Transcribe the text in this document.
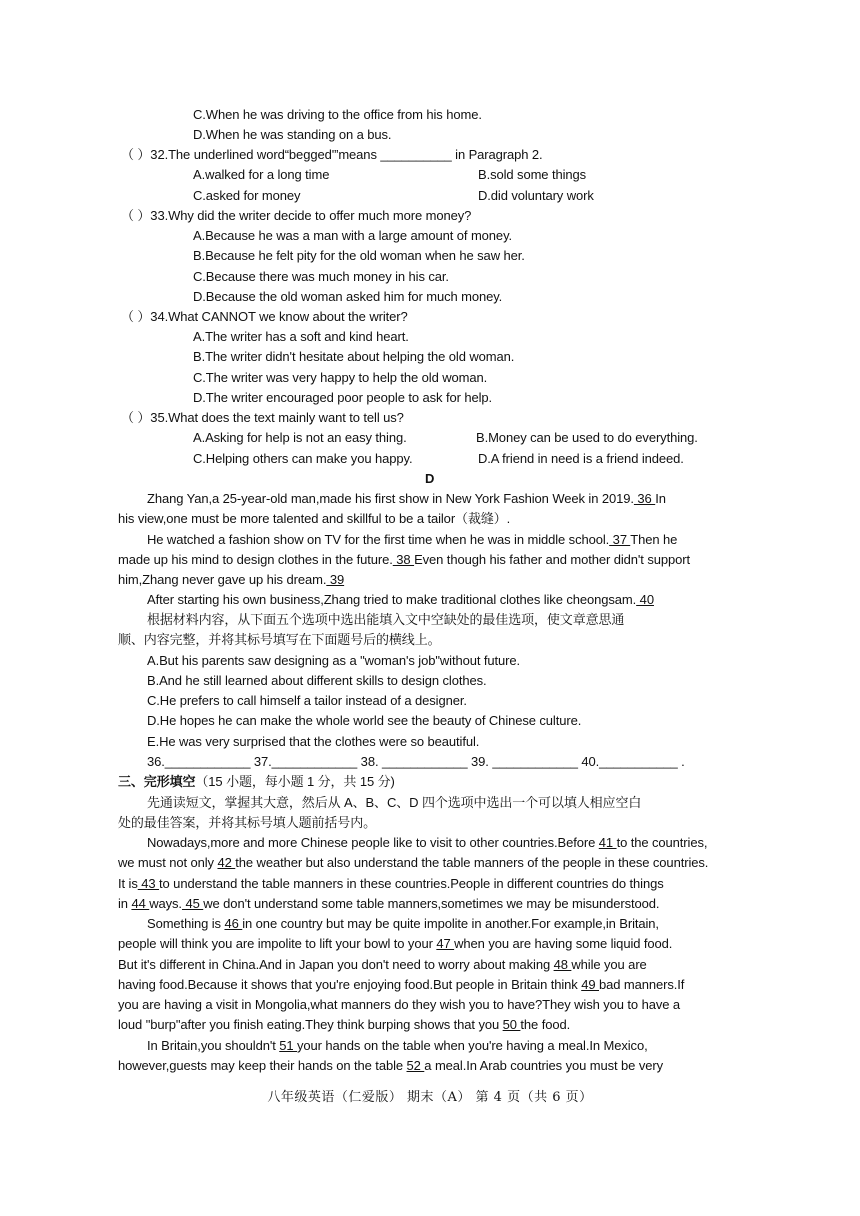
C.When he was driving to the office from his home.
D.When he was standing on a bus.
（ ）32.The underlined word“begged'”means __________ in Paragraph 2.
A.walked for a long time	B.sold some things
C.asked for money	D.did voluntary work
（ ）33.Why did the writer decide to offer much more money?
A.Because he was a man with a large amount of money.
B.Because he felt pity for the old woman when he saw her.
C.Because there was much money in his car.
D.Because the old woman asked him for much money.
（ ）34.What CANNOT we know about the writer?
A.The writer has a soft and kind heart.
B.The writer didn't hesitate about helping the old woman.
C.The writer was very happy to help the old woman.
D.The writer encouraged poor people to ask for help.
（ ）35.What does the text mainly want to tell us?
A.Asking for help is not an easy thing.	B.Money can be used to do everything.
C.Helping others can make you happy.	D.A friend in need is a friend indeed.
D
Zhang Yan,a 25-year-old man,made his first show in New York Fashion Week in 2019. 36 In
his view,one must be more talented and skillful to be a tailor（裁缝）.
He watched a fashion show on TV for the first time when he was in middle school. 37 Then he
made up his mind to design clothes in the future. 38 Even though his father and mother didn't support
him,Zhang never gave up his dream. 39
After starting his own business,Zhang tried to make traditional clothes like cheongsam. 40
根据材料内容，从下面五个选项中选出能填入文中空缺处的最佳选项，使文章意思通
顺、内容完整，并将其标号填写在下面题号后的横线上。
A.But his parents saw designing as a "woman's job"without future.
B.And he still learned about different skills to design clothes.
C.He prefers to call himself a tailor instead of a designer.
D.He hopes he can make the whole world see the beauty of Chinese culture.
E.He was very surprised that the clothes were so beautiful.
36.____________ 37.____________ 38. ____________ 39. ____________ 40.___________ .
三、完形填空（15 小题，每小题 1 分，共 15 分)
先通读短文，掌握其大意，然后从 A、B、C、D 四个选项中选出一个可以填人相应空白
处的最佳答案，并将其标号填人题前括号内。
Nowadays,more and more Chinese people like to visit to other countries.Before 41 to the countries,
we must not only 42 the weather but also understand the table manners of the people in these countries.
It is 43 to understand the table manners in these countries.People in different countries do things
in 44 ways. 45 we don't understand some table manners,sometimes we may be misunderstood.
Something is 46 in one country but may be quite impolite in another.For example,in Britain,
people will think you are impolite to lift your bowl to your 47 when you are having some liquid food.
But it's different in China.And in Japan you don't need to worry about making 48 while you are
having food.Because it shows that you're enjoying food.But people in Britain think 49 bad manners.If
you are having a visit in Mongolia,what manners do they wish you to have?They wish you to have a
loud "burp"after you finish eating.They think burping shows that you 50 the food.
In Britain,you shouldn't 51 your hands on the table when you're having a meal.In Mexico,
however,guests may keep their hands on the table 52 a meal.In Arab countries you must be very
八年级英语（仁爱版） 期末（A） 第 4 页（共 6 页）
